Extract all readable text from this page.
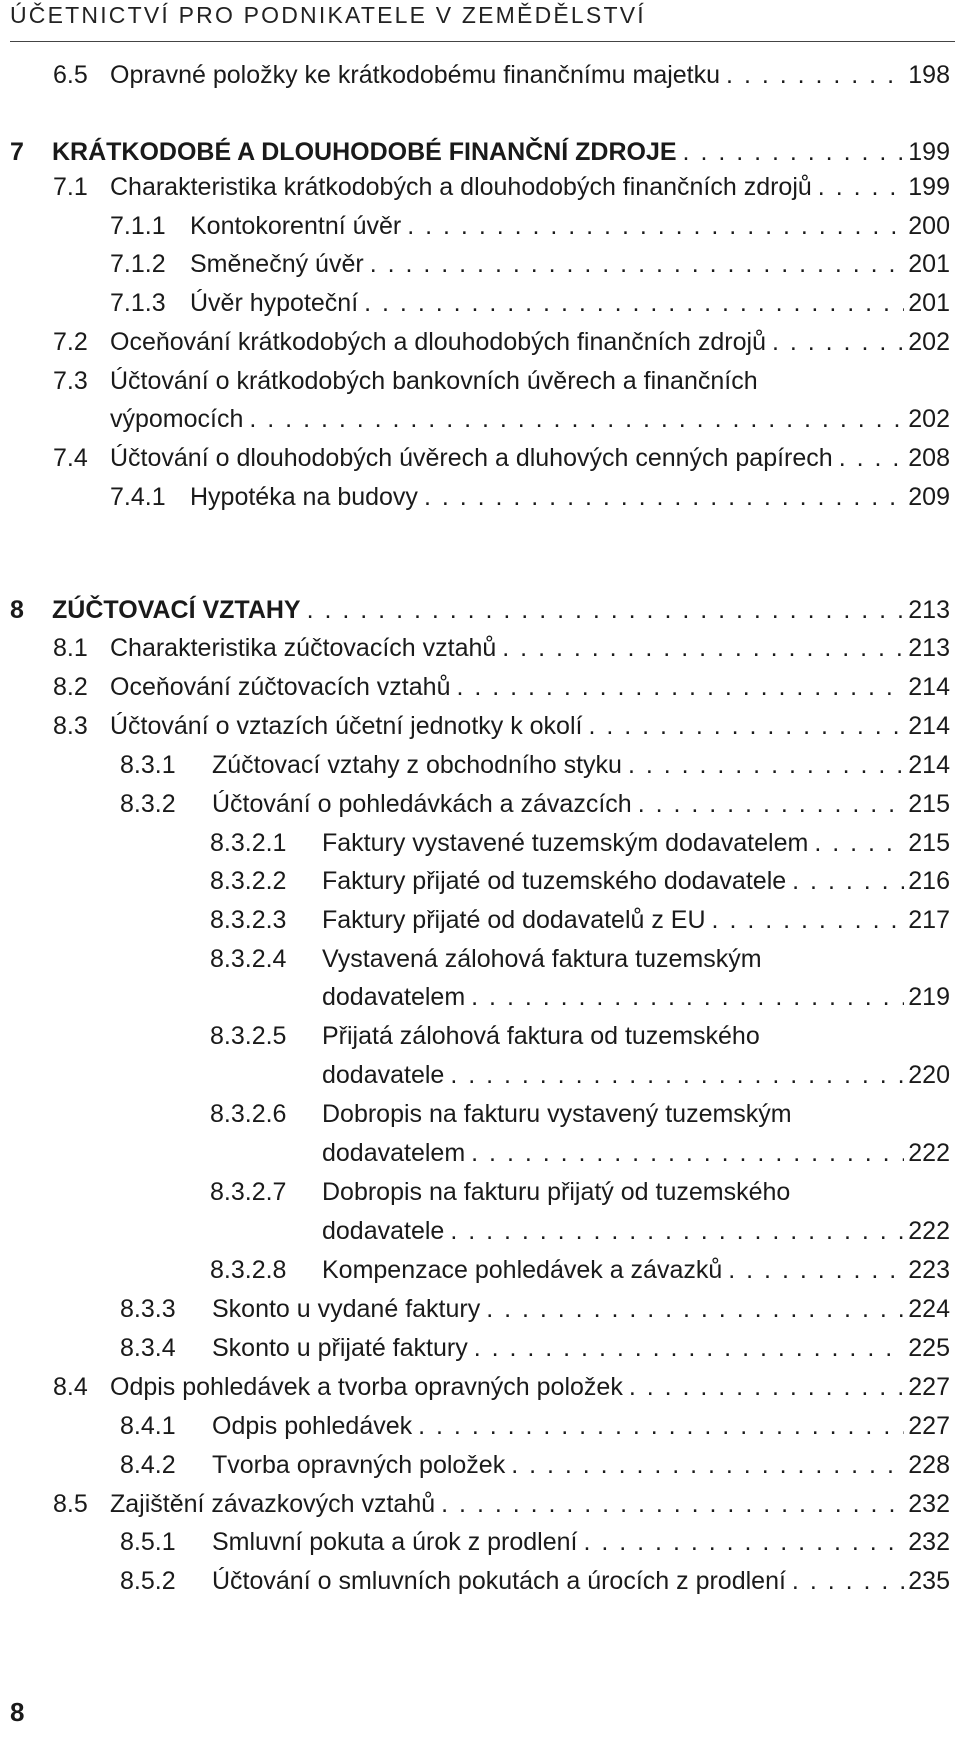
ÚČETNICTVÍ PRO PODNIKATELE V ZEMĚDĚLSTVÍ
6.5 Opravné položky ke krátkodobému finančnímu majetku . . .	198
7 KRÁTKODOBÉ A DLOUHODOBÉ FINANČNÍ ZDROJE . . .	199
7.1 Charakteristika krátkodobých a dlouhodobých finančních zdrojů . . .	199
7.1.1 Kontokorentní úvěr . . .	200
7.1.2 Směnečný úvěr . . .	201
7.1.3 Úvěr hypoteční . . .	201
7.2 Oceňování krátkodobých a dlouhodobých finančních zdrojů . . .	202
7.3 Účtování o krátkodobých bankovních úvěrech a finančních
výpomocích . . .	202
7.4 Účtování o dlouhodobých úvěrech a dluhových cenných papírech . . .	208
7.4.1 Hypotéka na budovy . . .	209
8 ZÚČTOVACÍ VZTAHY . . .	213
8.1 Charakteristika zúčtovacích vztahů . . .	213
8.2 Oceňování zúčtovacích vztahů . . .	214
8.3 Účtování o vztazích účetní jednotky k okolí . . .	214
8.3.1 Zúčtovací vztahy z obchodního styku . . .	214
8.3.2 Účtování o pohledávkách a závazcích . . .	215
8.3.2.1 Faktury vystavené tuzemským dodavatelem . . .	215
8.3.2.2 Faktury přijaté od tuzemského dodavatele . . .	216
8.3.2.3 Faktury přijaté od dodavatelů z EU . . .	217
8.3.2.4 Vystavená zálohová faktura tuzemským
dodavatelem . . .	219
8.3.2.5 Přijatá zálohová faktura od tuzemského
dodavatele . . .	220
8.3.2.6 Dobropis na fakturu vystavený tuzemským
dodavatelem . . .	222
8.3.2.7 Dobropis na fakturu přijatý od tuzemského
dodavatele . . .	222
8.3.2.8 Kompenzace pohledávek a závazků . . .	223
8.3.3 Skonto u vydané faktury . . .	224
8.3.4 Skonto u přijaté faktury . . .	225
8.4 Odpis pohledávek a tvorba opravných položek . . .	227
8.4.1 Odpis pohledávek . . .	227
8.4.2 Tvorba opravných položek . . .	228
8.5 Zajištění závazkových vztahů . . .	232
8.5.1 Smluvní pokuta a úrok z prodlení . . .	232
8.5.2 Účtování o smluvních pokutách a úrocích z prodlení . . .	235
8
